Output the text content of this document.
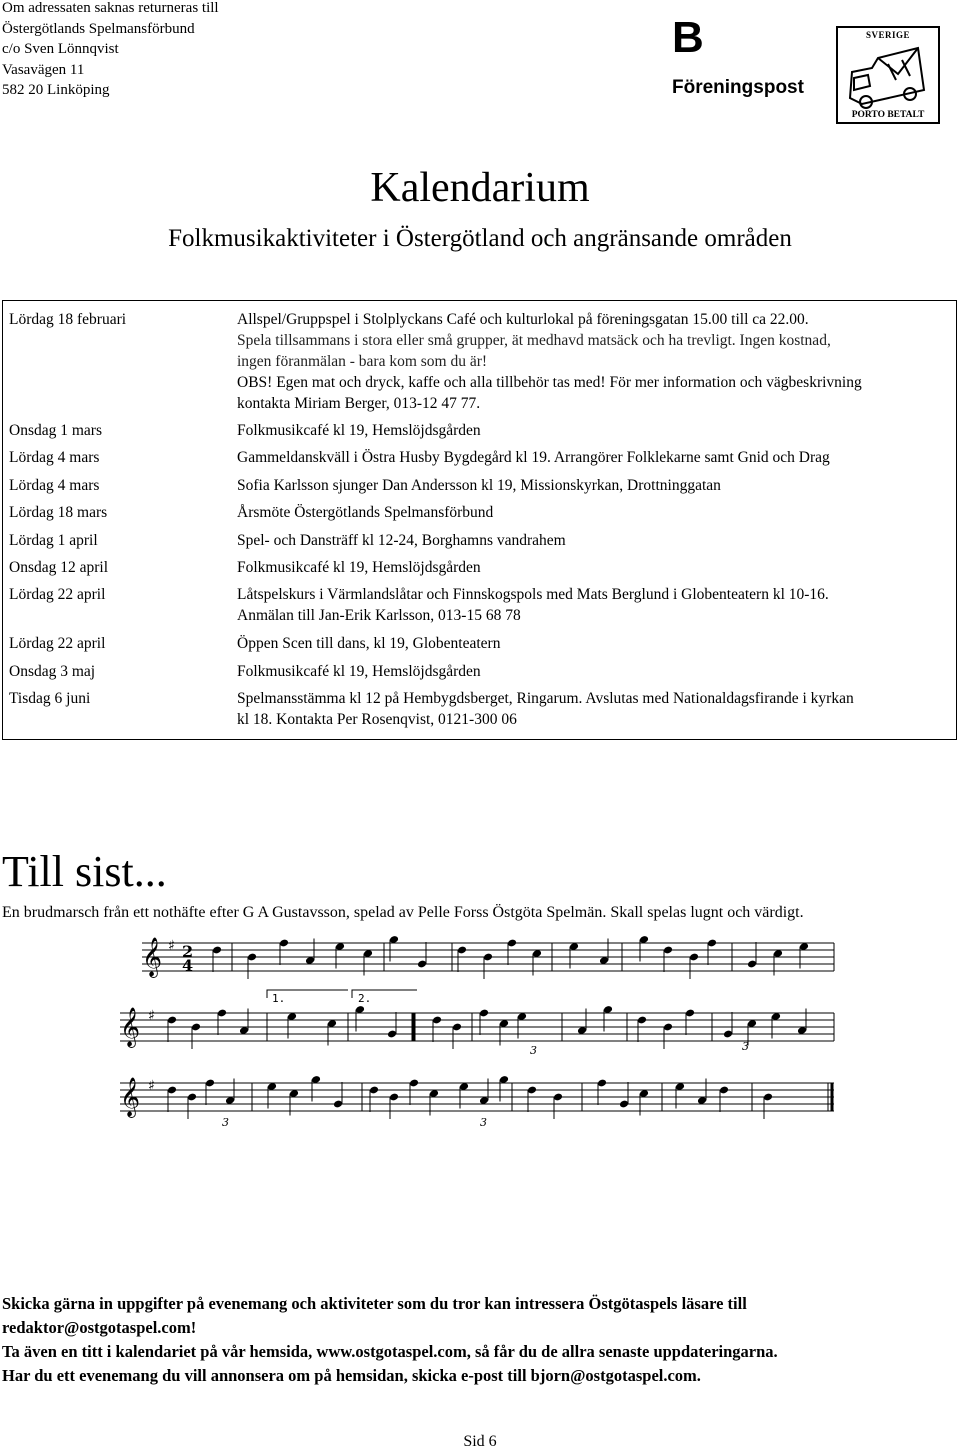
Om adressaten saknas returneras till
Östergötlands Spelmansförbund
c/o Sven Lönnqvist
Vasavägen 11
582 20 Linköping
B
Föreningspost
SVERIGE
PORTO BETALT
Kalendarium
Folkmusikaktiviteter i Östergötland och angränsande områden
Lördag 18 februari	Allspel/Gruppspel i Stolplyckans Café och kulturlokal på föreningsgatan 15.00 till ca 22.00.
Spela tillsammans i stora eller små grupper, ät medhavd matsäck och ha trevligt. Ingen kostnad,
ingen föranmälan - bara kom som du är!
OBS! Egen mat och dryck, kaffe och alla tillbehör tas med! För mer information och vägbeskrivning
kontakta Miriam Berger, 013-12 47 77.

Onsdag 1 mars	Folkmusikcafé kl 19, Hemslöjdsgården

Lördag 4 mars	Gammeldanskväll i Östra Husby Bygdegård kl 19. Arrangörer Folklekarne samt Gnid och Drag

Lördag 4 mars	Sofia Karlsson sjunger Dan Andersson kl 19, Missionskyrkan, Drottninggatan

Lördag 18 mars	Årsmöte Östergötlands Spelmansförbund

Lördag 1 april	Spel- och Dansträff kl 12-24, Borghamns vandrahem

Onsdag 12 april	Folkmusikcafé kl 19, Hemslöjdsgården

Lördag 22 april	Låtspelskurs i Värmlandslåtar och Finnskogspols med Mats Berglund i Globenteatern kl 10-16.
Anmälan till Jan-Erik Karlsson, 013-15 68 78

Lördag 22 april	Öppen Scen till dans, kl 19, Globenteatern

Onsdag 3 maj	Folkmusikcafé kl 19, Hemslöjdsgården

Tisdag 6 juni	Spelmansstämma kl 12 på Hembygdsberget, Ringarum. Avslutas med Nationaldagsfirande i kyrkan
kl 18. Kontakta Per Rosenqvist, 0121-300 06
Till sist...
En brudmarsch från ett nothäfte efter G A Gustavsson, spelad av Pelle Forss Östgöta Spelmän. Skall spelas lugnt och värdigt.
𝄞
𝄞
𝄞
♯
♯
♯
2
4
1.	2.
3	3
3	3
Skicka gärna in uppgifter på evenemang och aktiviteter som du tror kan intressera Östgötaspels läsare till
redaktor@ostgotaspel.com!
Ta även en titt i kalendariet på vår hemsida, www.ostgotaspel.com, så får du de allra senaste uppdateringarna.
Har du ett evenemang du vill annonsera om på hemsidan, skicka e-post till bjorn@ostgotaspel.com.
Sid 6
